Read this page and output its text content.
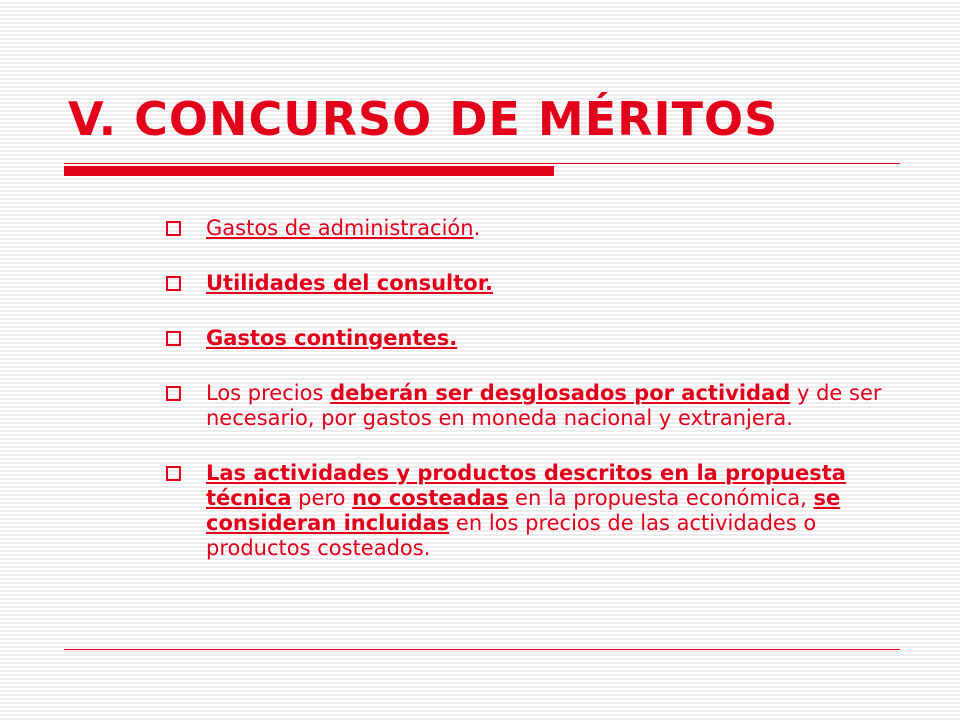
V. CONCURSO DE MÉRITOS
Gastos de administración.
Utilidades del consultor.
Gastos contingentes.
Los precios deberán ser desglosados por actividad y de ser necesario, por gastos en moneda nacional y extranjera.
Las actividades y productos descritos en la propuesta técnica pero no costeadas en la propuesta económica, se consideran incluidas en los precios de las actividades o productos costeados.
